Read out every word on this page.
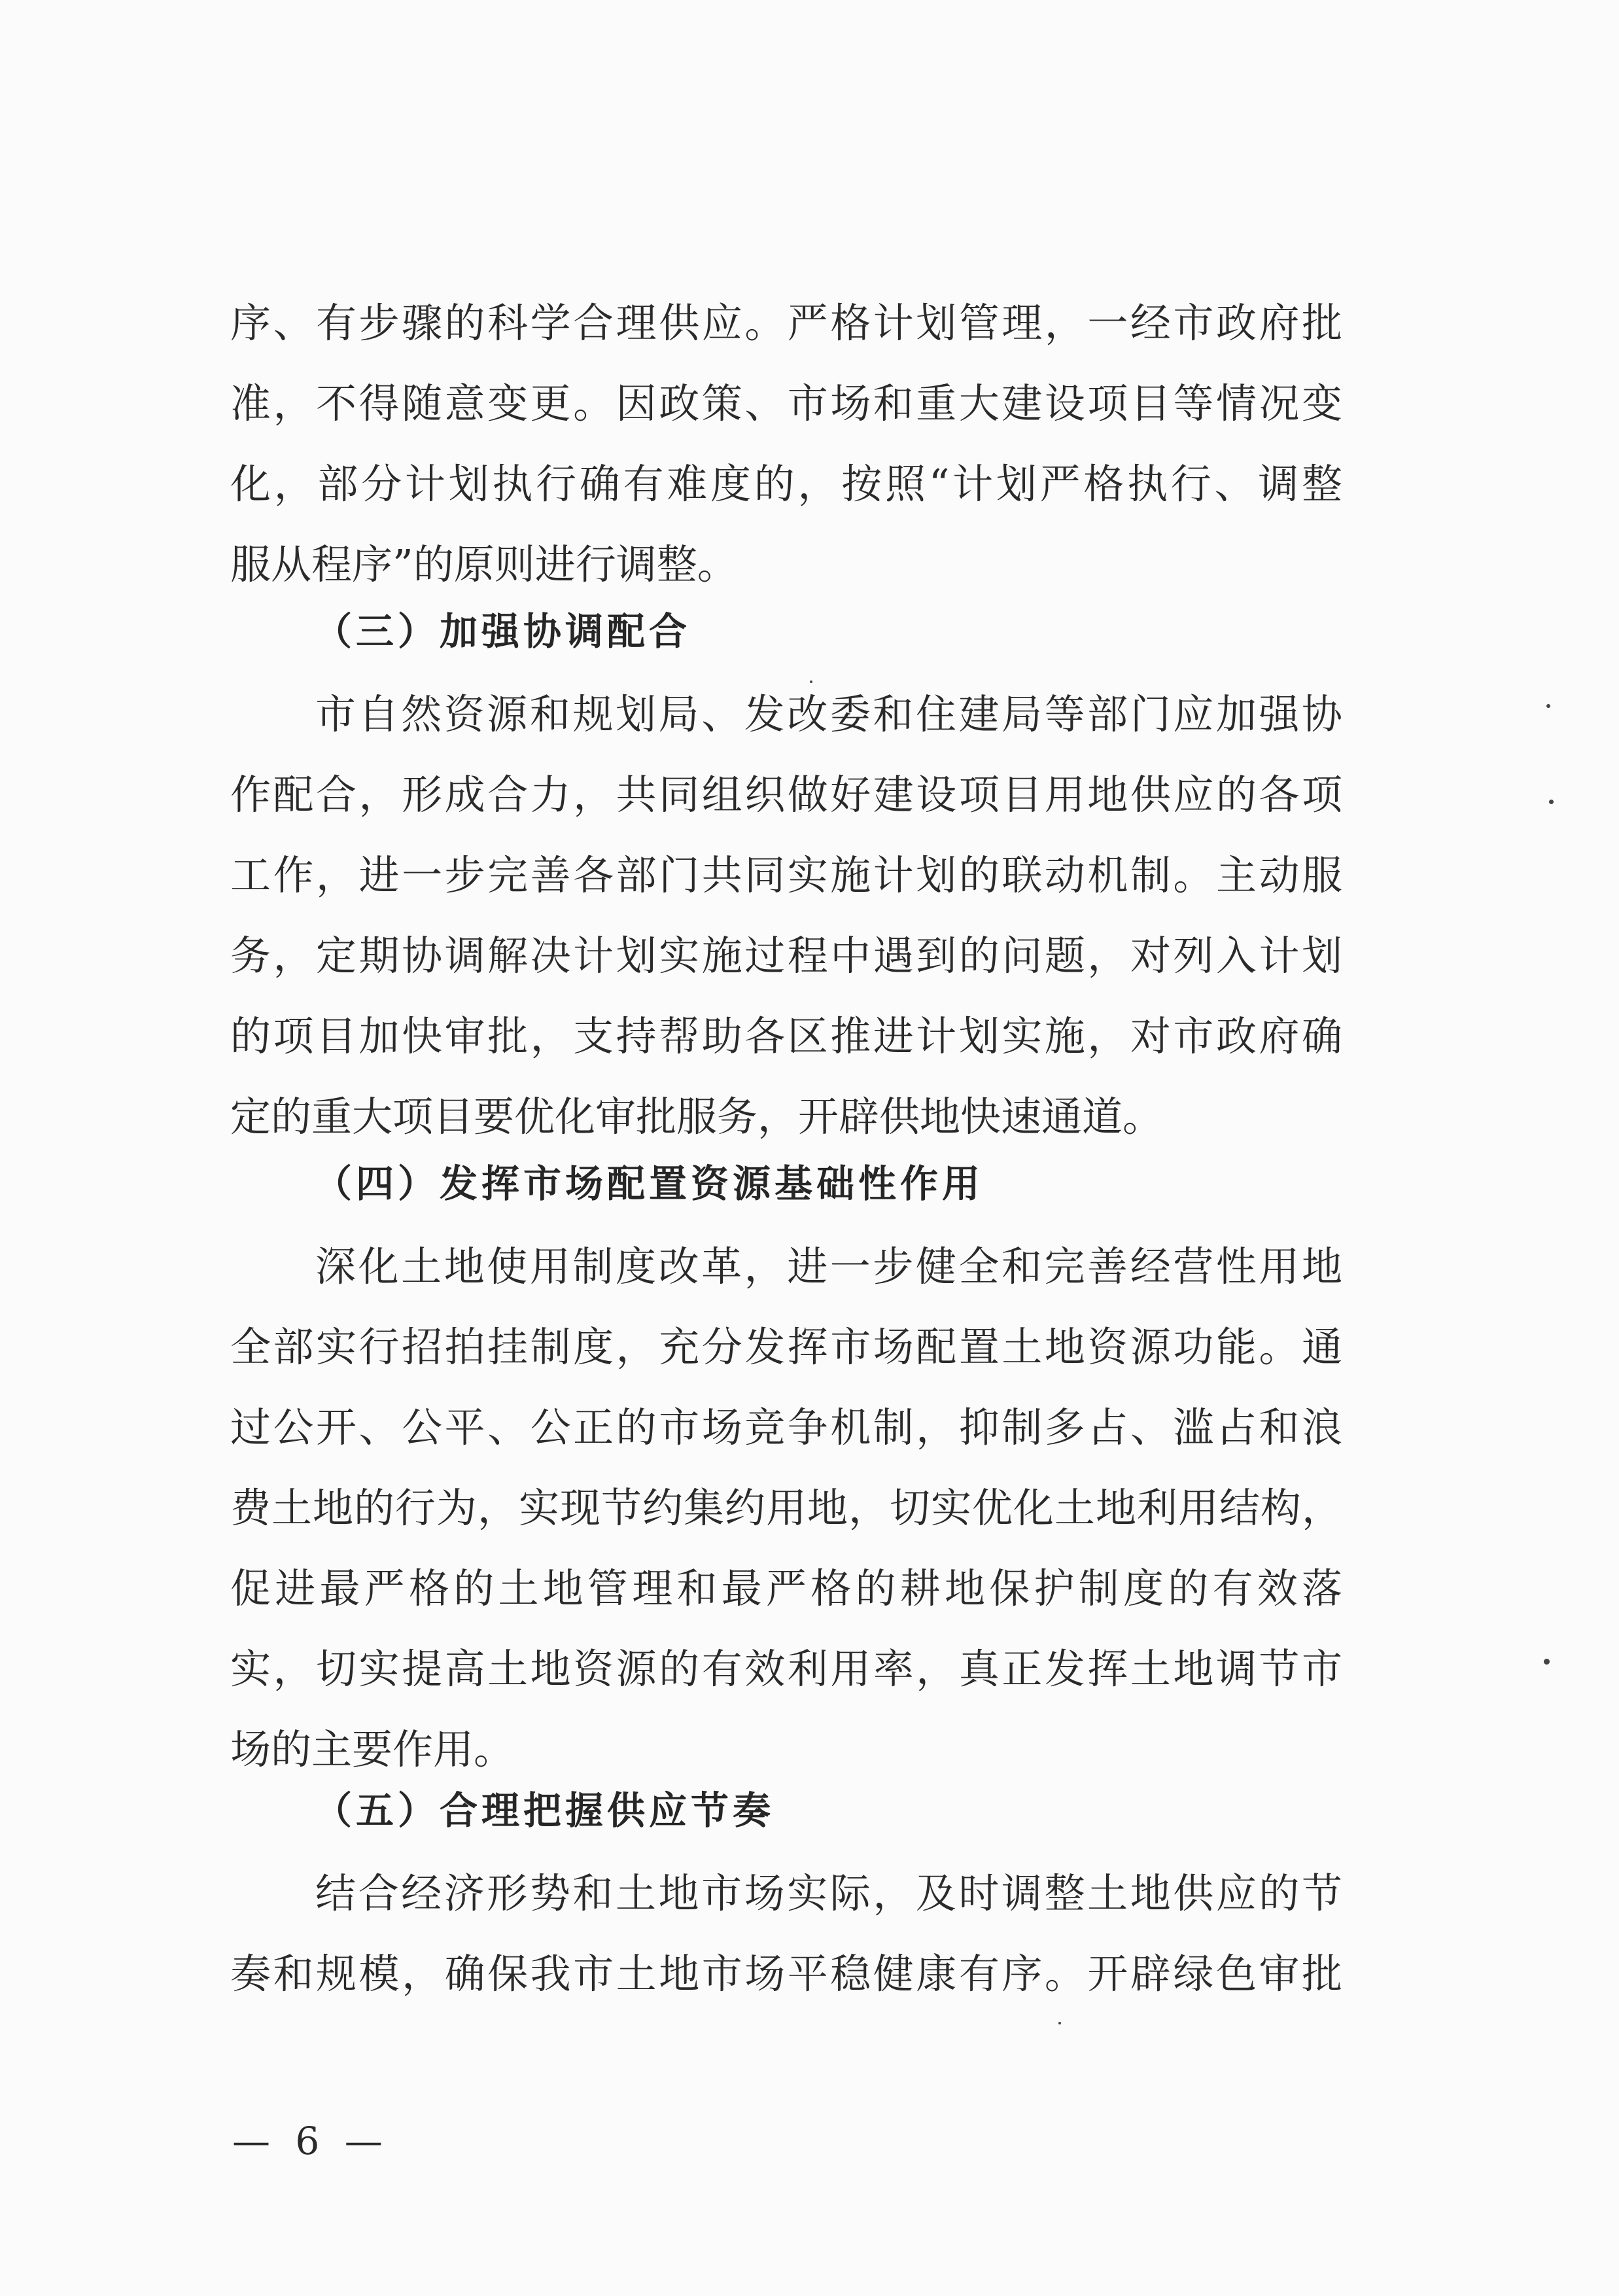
序、有步骤的科学合理供应。严格计划管理，一经市政府批
准，不得随意变更。因政策、市场和重大建设项目等情况变
化，部分计划执行确有难度的，按照“计划严格执行、调整
服从程序”的原则进行调整。
（三）加强协调配合
市自然资源和规划局、发改委和住建局等部门应加强协
作配合，形成合力，共同组织做好建设项目用地供应的各项
工作，进一步完善各部门共同实施计划的联动机制。主动服
务，定期协调解决计划实施过程中遇到的问题，对列入计划
的项目加快审批，支持帮助各区推进计划实施，对市政府确
定的重大项目要优化审批服务，开辟供地快速通道。
（四）发挥市场配置资源基础性作用
深化土地使用制度改革，进一步健全和完善经营性用地
全部实行招拍挂制度，充分发挥市场配置土地资源功能。通
过公开、公平、公正的市场竞争机制，抑制多占、滥占和浪
费土地的行为，实现节约集约用地，切实优化土地利用结构，
促进最严格的土地管理和最严格的耕地保护制度的有效落
实，切实提高土地资源的有效利用率，真正发挥土地调节市
场的主要作用。
（五）合理把握供应节奏
结合经济形势和土地市场实际，及时调整土地供应的节
奏和规模，确保我市土地市场平稳健康有序。开辟绿色审批
— 6 —
